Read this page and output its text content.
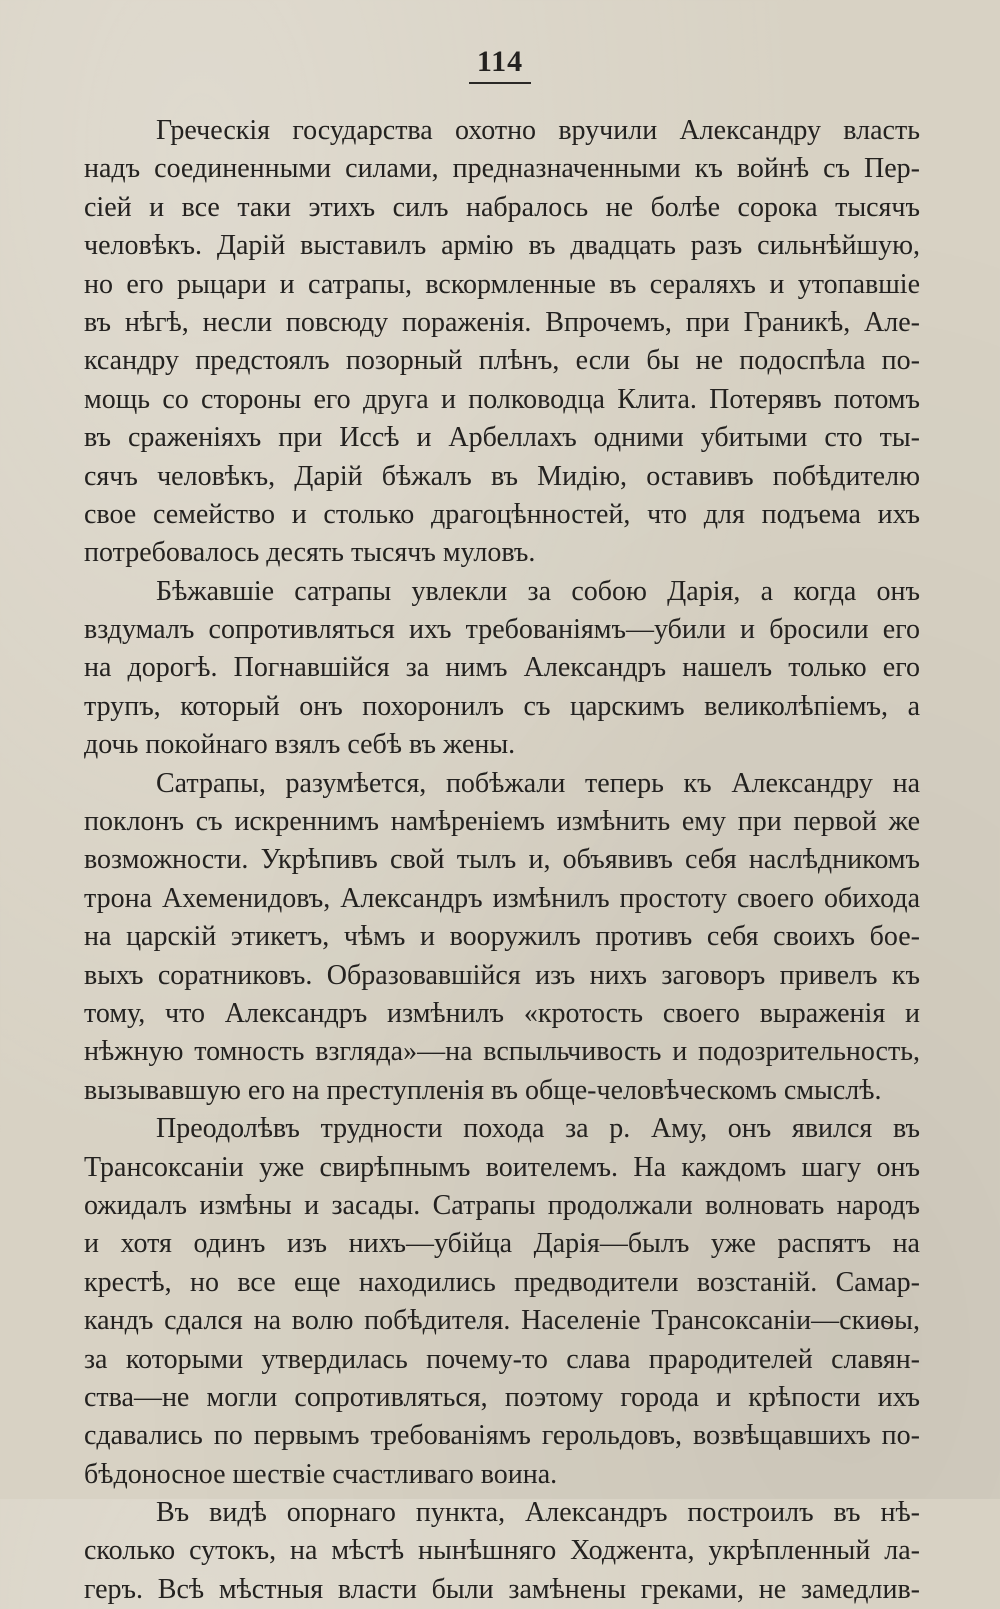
114
Греческія государства охотно вручили Александру власть
надъ соединенными силами, предназначенными къ войнѣ съ Пер-
сіей и все таки этихъ силъ набралось не болѣе сорока тысячъ
человѣкъ. Дарій выставилъ армію въ двадцать разъ сильнѣйшую,
но его рыцари и сатрапы, вскормленные въ сераляхъ и утопавшіе
въ нѣгѣ, несли повсюду пораженія. Впрочемъ, при Граникѣ, Але-
ксандру предстоялъ позорный плѣнъ, если бы не подоспѣла по-
мощь со стороны его друга и полководца Клита. Потерявъ потомъ
въ сраженіяхъ при Иссѣ и Арбеллахъ одними убитыми сто ты-
сячъ человѣкъ, Дарій бѣжалъ въ Мидію, оставивъ побѣдителю
свое семейство и столько драгоцѣнностей, что для подъема ихъ
потребовалось десять тысячъ муловъ.
Бѣжавшіе сатрапы увлекли за собою Дарія, а когда онъ
вздумалъ сопротивляться ихъ требованіямъ—убили и бросили его
на дорогѣ. Погнавшійся за нимъ Александръ нашелъ только его
трупъ, который онъ похоронилъ съ царскимъ великолѣпіемъ, а
дочь покойнаго взялъ себѣ въ жены.
Сатрапы, разумѣется, побѣжали теперь къ Александру на
поклонъ съ искреннимъ намѣреніемъ измѣнить ему при первой же
возможности. Укрѣпивъ свой тылъ и, объявивъ себя наслѣдникомъ
трона Ахеменидовъ, Александръ измѣнилъ простоту своего обихода
на царскій этикетъ, чѣмъ и вооружилъ противъ себя своихъ бое-
выхъ соратниковъ. Образовавшійся изъ нихъ заговоръ привелъ къ
тому, что Александръ измѣнилъ «кротость своего выраженія и
нѣжную томность взгляда»—на вспыльчивость и подозрительность,
вызывавшую его на преступленія въ обще-человѣческомъ смыслѣ.
Преодолѣвъ трудности похода за р. Аму, онъ явился въ
Трансоксаніи уже свирѣпнымъ воителемъ. На каждомъ шагу онъ
ожидалъ измѣны и засады. Сатрапы продолжали волновать народъ
и хотя одинъ изъ нихъ—убійца Дарія—былъ уже распятъ на
крестѣ, но все еще находились предводители возстаній. Самар-
кандъ сдался на волю побѣдителя. Населеніе Трансоксаніи—скиѳы,
за которыми утвердилась почему-то слава прародителей славян-
ства—не могли сопротивляться, поэтому города и крѣпости ихъ
сдавались по первымъ требованіямъ герольдовъ, возвѣщавшихъ по-
бѣдоносное шествіе счастливаго воина.
Въ видѣ опорнаго пункта, Александръ построилъ въ нѣ-
сколько сутокъ, на мѣстѣ нынѣшняго Ходжента, укрѣпленный ла-
геръ. Всѣ мѣстныя власти были замѣнены греками, не замедлив-
